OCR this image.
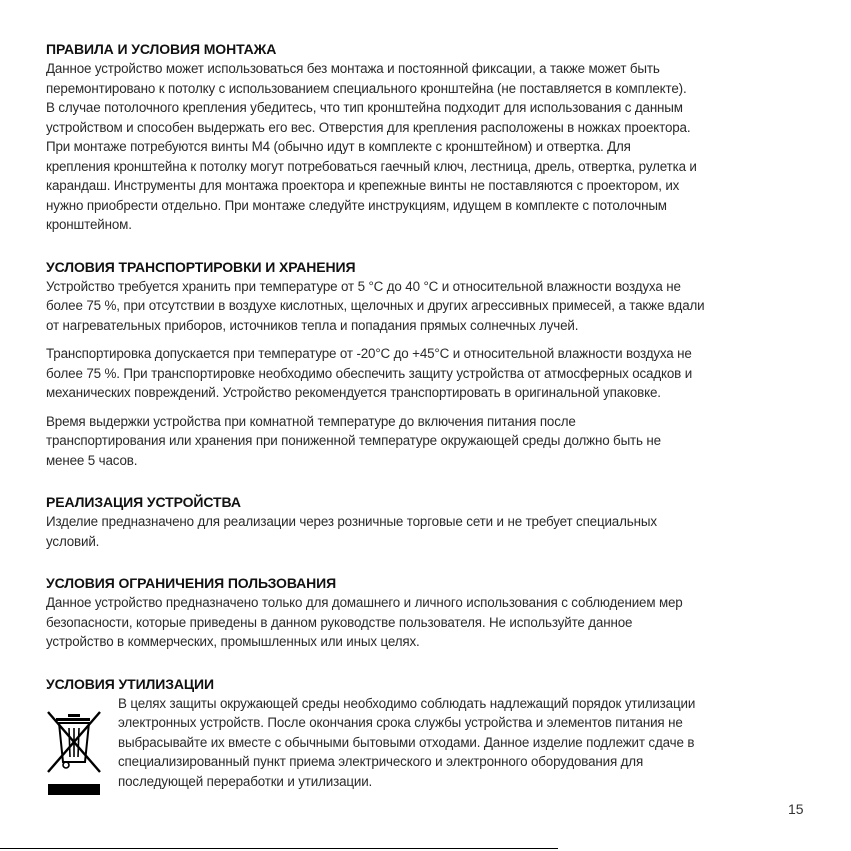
ПРАВИЛА И УСЛОВИЯ МОНТАЖА

Данное устройство может использоваться без монтажа и постоянной фиксации, а также может быть
перемонтировано к потолку с использованием специального кронштейна (не поставляется в комплекте).
В случае потолочного крепления убедитесь, что тип кронштейна подходит для использования с данным
устройством и способен выдержать его вес. Отверстия для крепления расположены в ножках проектора.
При монтаже потребуются винты М4 (обычно идут в комплекте с кронштейном) и отвертка. Для
крепления кронштейна к потолку могут потребоваться гаечный ключ, лестница, дрель, отвертка, рулетка и
карандаш. Инструменты для монтажа проектора и крепежные винты не поставляются с проектором, их
нужно приобрести отдельно. При монтаже следуйте инструкциям, идущем в комплекте с потолочным
кронштейном.

УСЛОВИЯ ТРАНСПОРТИРОВКИ И ХРАНЕНИЯ

Устройство требуется хранить при температуре от 5 °С до 40 °С и относительной влажности воздуха не
более 75 %, при отсутствии в воздухе кислотных, щелочных и других агрессивных примесей, а также вдали
от нагревательных приборов, источников тепла и попадания прямых солнечных лучей.

Транспортировка допускается при температуре от -20°С до +45°С и относительной влажности воздуха не
более 75 %. При транспортировке необходимо обеспечить защиту устройства от атмосферных осадков и
механических повреждений. Устройство рекомендуется транспортировать в оригинальной упаковке.

Время выдержки устройства при комнатной температуре до включения питания после
транспортирования или хранения при пониженной температуре окружающей среды должно быть не
менее 5 часов.

РЕАЛИЗАЦИЯ УСТРОЙСТВА

Изделие предназначено для реализации через розничные торговые сети и не требует специальных
условий.

УСЛОВИЯ ОГРАНИЧЕНИЯ ПОЛЬЗОВАНИЯ

Данное устройство предназначено только для домашнего и личного использования с соблюдением мер
безопасности, которые приведены в данном руководстве пользователя. Не используйте данное
устройство в коммерческих, промышленных или иных целях.

УСЛОВИЯ УТИЛИЗАЦИИ

В целях защиты окружающей среды необходимо соблюдать надлежащий порядок утилизации
электронных устройств. После окончания срока службы устройства и элементов питания не
выбрасывайте их вместе с обычными бытовыми отходами. Данное изделие подлежит сдаче в
специализированный пункт приема электрического и электронного оборудования для
последующей переработки и утилизации.

15
